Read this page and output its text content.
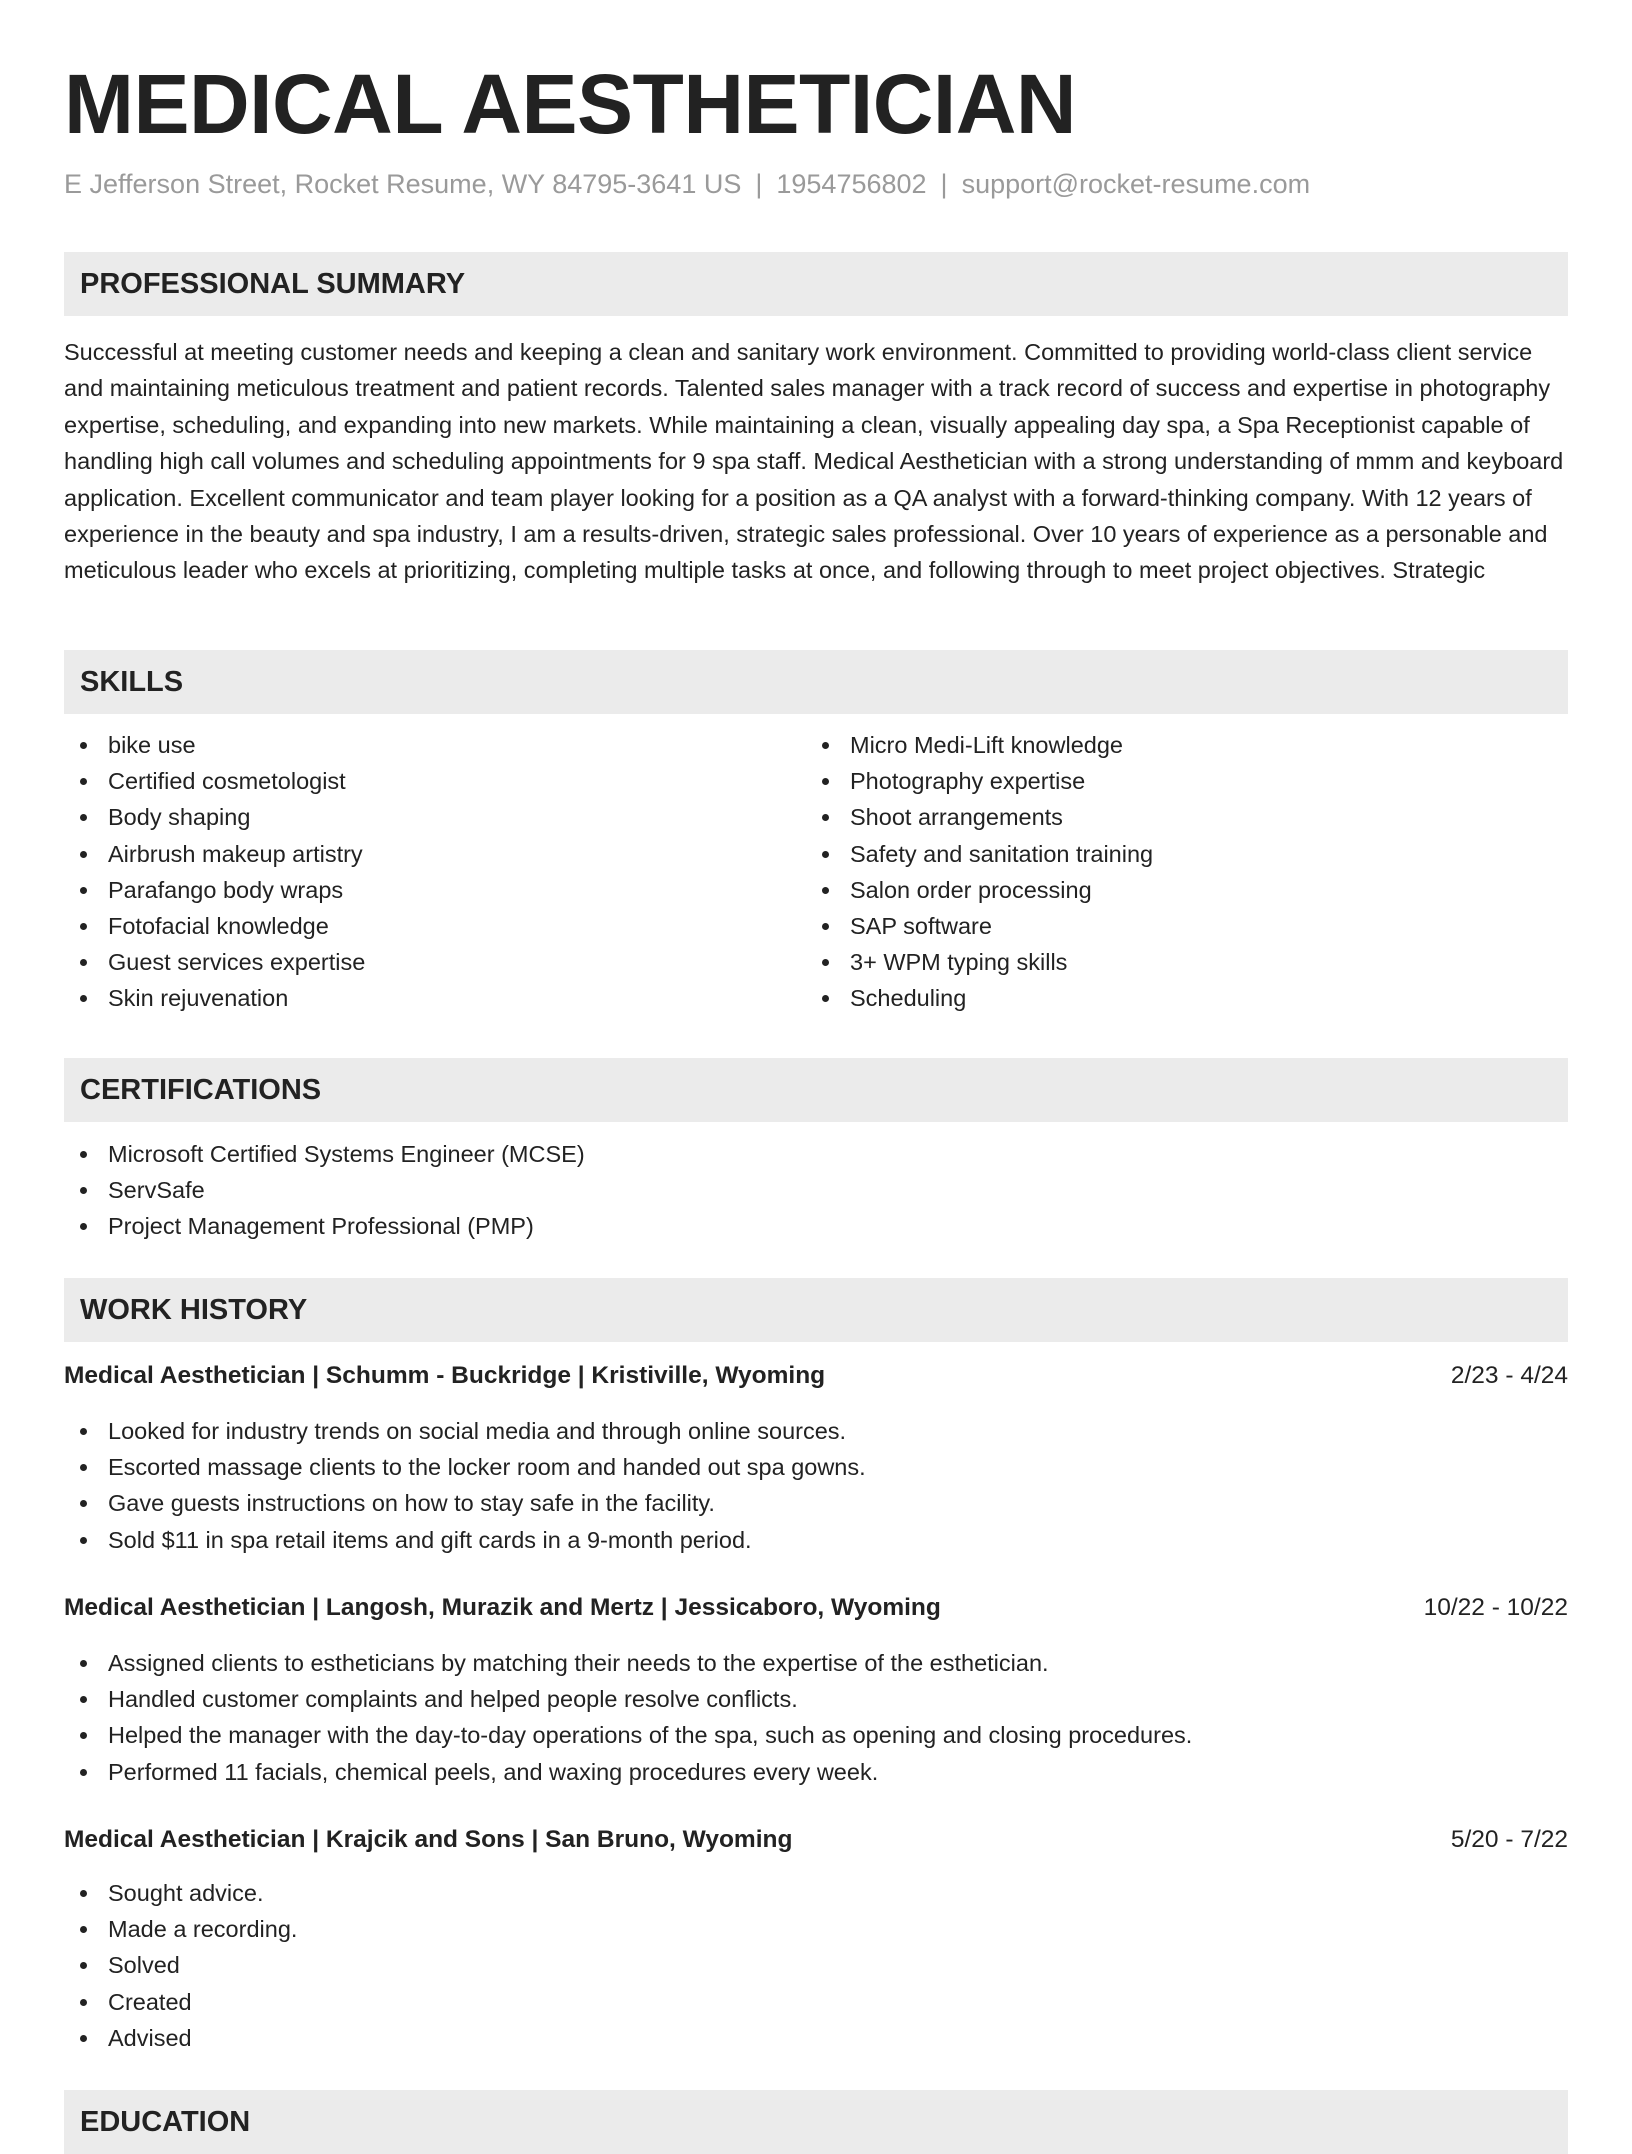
MEDICAL AESTHETICIAN
E Jefferson Street, Rocket Resume, WY 84795-3641 US | 1954756802 | support@rocket-resume.com
PROFESSIONAL SUMMARY

Successful at meeting customer needs and keeping a clean and sanitary work environment. Committed to providing world-class client service and maintaining meticulous treatment and patient records. Talented sales manager with a track record of success and expertise in photography expertise, scheduling, and expanding into new markets. While maintaining a clean, visually appealing day spa, a Spa Receptionist capable of handling high call volumes and scheduling appointments for 9 spa staff. Medical Aesthetician with a strong understanding of mmm and keyboard application. Excellent communicator and team player looking for a position as a QA analyst with a forward-thinking company. With 12 years of experience in the beauty and spa industry, I am a results-driven, strategic sales professional. Over 10 years of experience as a personable and meticulous leader who excels at prioritizing, completing multiple tasks at once, and following through to meet project objectives. Strategic

SKILLS
bike use
Certified cosmetologist
Body shaping
Airbrush makeup artistry
Parafango body wraps
Fotofacial knowledge
Guest services expertise
Skin rejuvenation
Micro Medi-Lift knowledge
Photography expertise
Shoot arrangements
Safety and sanitation training
Salon order processing
SAP software
3+ WPM typing skills
Scheduling
CERTIFICATIONS
Microsoft Certified Systems Engineer (MCSE)
ServSafe
Project Management Professional (PMP)
WORK HISTORY
Medical Aesthetician | Schumm - Buckridge | Kristiville, Wyoming	2/23 - 4/24
Looked for industry trends on social media and through online sources.
Escorted massage clients to the locker room and handed out spa gowns.
Gave guests instructions on how to stay safe in the facility.
Sold $11 in spa retail items and gift cards in a 9-month period.
Medical Aesthetician | Langosh, Murazik and Mertz | Jessicaboro, Wyoming	10/22 - 10/22
Assigned clients to estheticians by matching their needs to the expertise of the esthetician.
Handled customer complaints and helped people resolve conflicts.
Helped the manager with the day-to-day operations of the spa, such as opening and closing procedures.
Performed 11 facials, chemical peels, and waxing procedures every week.
Medical Aesthetician | Krajcik and Sons | San Bruno, Wyoming	5/20 - 7/22
Sought advice.
Made a recording.
Solved
Created
Advised
EDUCATION
